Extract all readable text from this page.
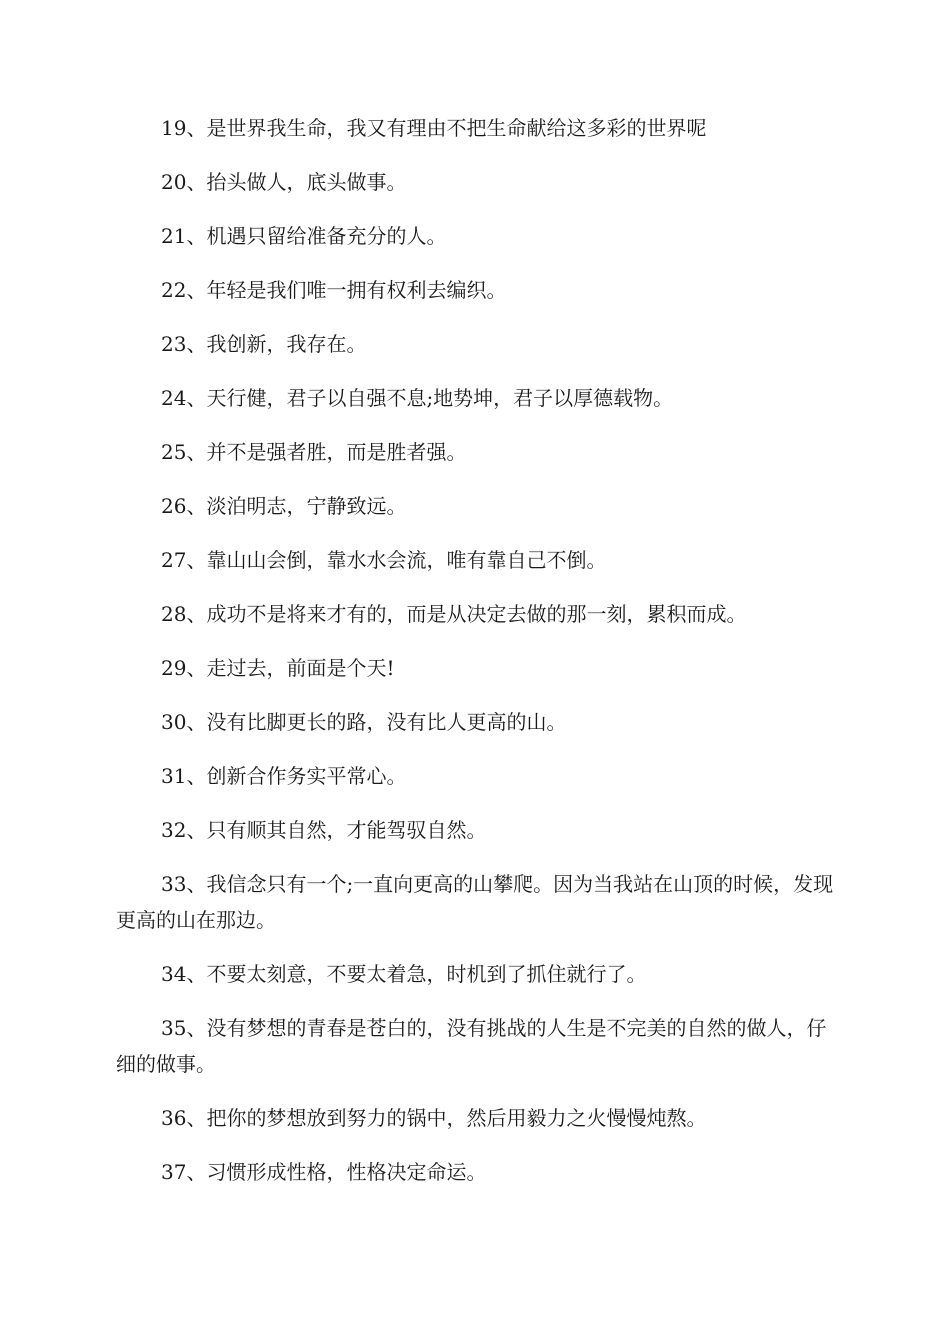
19、是世界我生命，我又有理由不把生命献给这多彩的世界呢

20、抬头做人，底头做事。

21、机遇只留给准备充分的人。

22、年轻是我们唯一拥有权利去编织。

23、我创新，我存在。

24、天行健，君子以自强不息;地势坤，君子以厚德载物。

25、并不是强者胜，而是胜者强。

26、淡泊明志，宁静致远。

27、靠山山会倒，靠水水会流，唯有靠自己不倒。

28、成功不是将来才有的，而是从决定去做的那一刻，累积而成。

29、走过去，前面是个天!

30、没有比脚更长的路，没有比人更高的山。

31、创新合作务实平常心。

32、只有顺其自然，才能驾驭自然。

33、我信念只有一个;一直向更高的山攀爬。因为当我站在山顶的时候，发现更高的山在那边。

34、不要太刻意，不要太着急，时机到了抓住就行了。

35、没有梦想的青春是苍白的，没有挑战的人生是不完美的自然的做人，仔细的做事。

36、把你的梦想放到努力的锅中，然后用毅力之火慢慢炖熬。

37、习惯形成性格，性格决定命运。
